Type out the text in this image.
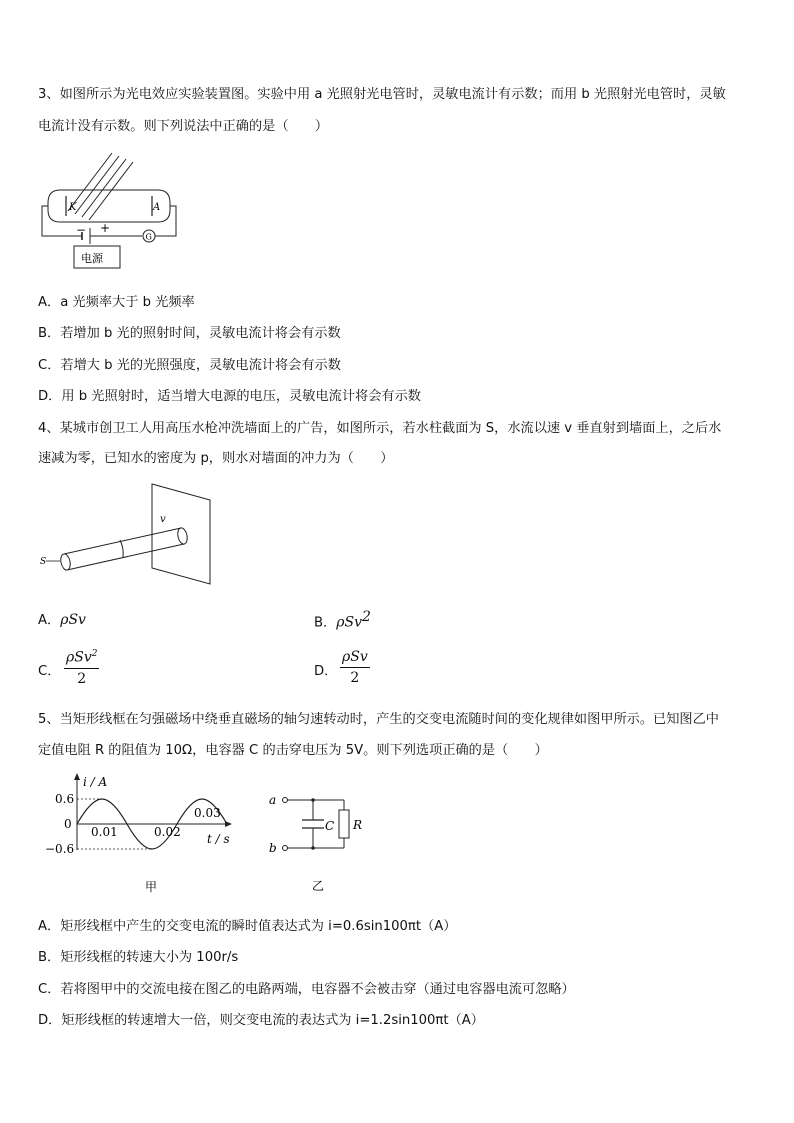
3、如图所示为光电效应实验装置图。实验中用 a 光照射光电管时，灵敏电流计有示数；而用 b 光照射光电管时，灵敏
电流计没有示数。则下列说法中正确的是（　　）
K	A
− +
G
电源
A．a 光频率大于 b 光频率
B．若增加 b 光的照射时间，灵敏电流计将会有示数
C．若增大 b 光的光照强度，灵敏电流计将会有示数
D．用 b 光照射时，适当增大电源的电压，灵敏电流计将会有示数
4、某城市创卫工人用高压水枪冲洗墙面上的广告，如图所示，若水柱截面为 S，水流以速 v 垂直射到墙面上，之后水
速减为零，已知水的密度为 p，则水对墙面的冲力为（　　）
S
v
A．ρSv	B．ρSv$^2$
C．
ρSv$^2$
2	D．
ρSv
2
5、当矩形线框在匀强磁场中绕垂直磁场的轴匀速转动时，产生的交变电流随时间的变化规律如图甲所示。已知图乙中
定值电阻 R 的阻值为 10Ω，电容器 C 的击穿电压为 5V。则下列选项正确的是（　　）
i / A
0.6
0
−0.6
0.01	0.02
0.03
t / s
甲
a
b
C R
乙
A．矩形线框中产生的交变电流的瞬时值表达式为 i=0.6sin100πt（A）
B．矩形线框的转速大小为 100r/s
C．若将图甲中的交流电接在图乙的电路两端，电容器不会被击穿（通过电容器电流可忽略）
D．矩形线框的转速增大一倍，则交变电流的表达式为 i=1.2sin100πt（A）
